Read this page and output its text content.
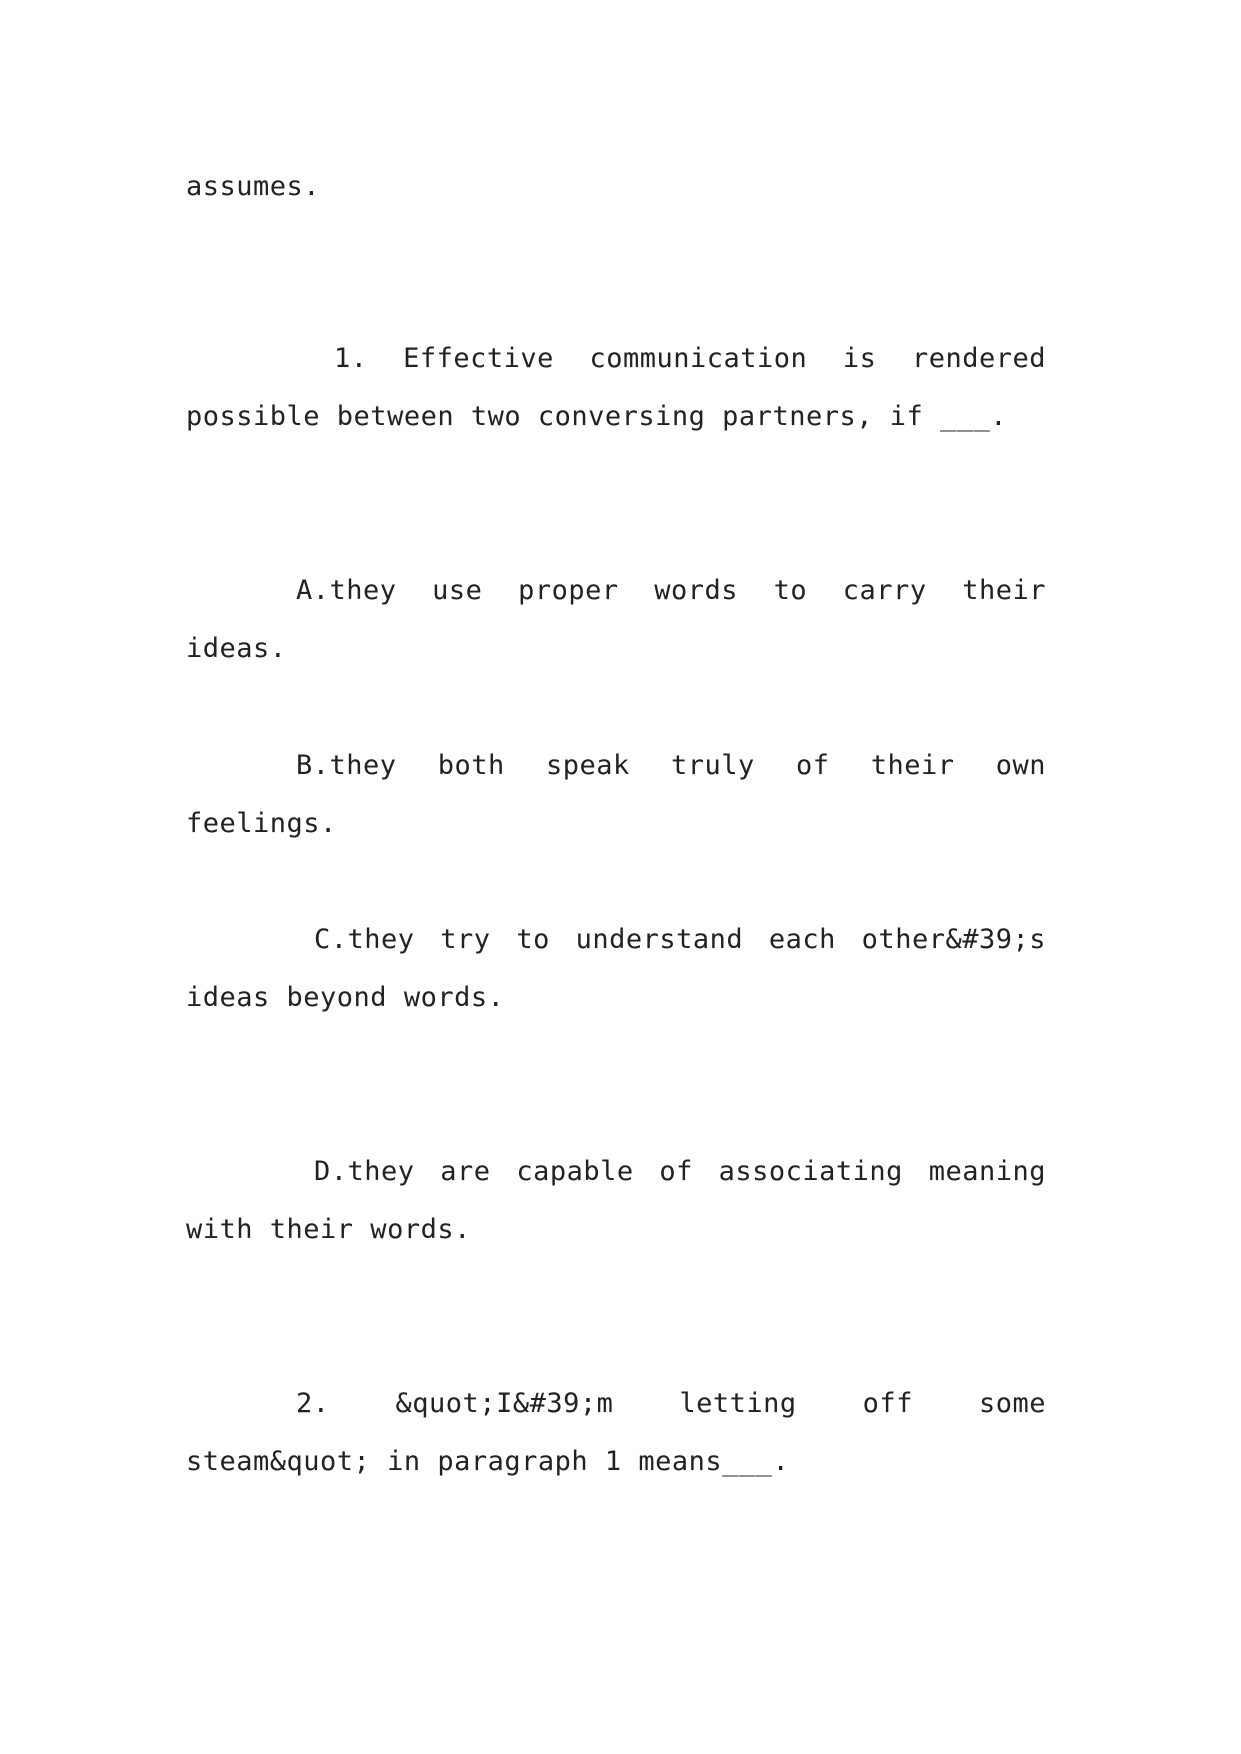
assumes.

1. Effective communication is rendered possible between two conversing partners, if ___.

A.they use proper words to carry their ideas.

B.they both speak truly of their own feelings.

C.they try to understand each other&#39;s ideas beyond words.

D.they are capable of associating meaning with their words.

2. &quot;I&#39;m letting off some steam&quot; in paragraph 1 means___.
